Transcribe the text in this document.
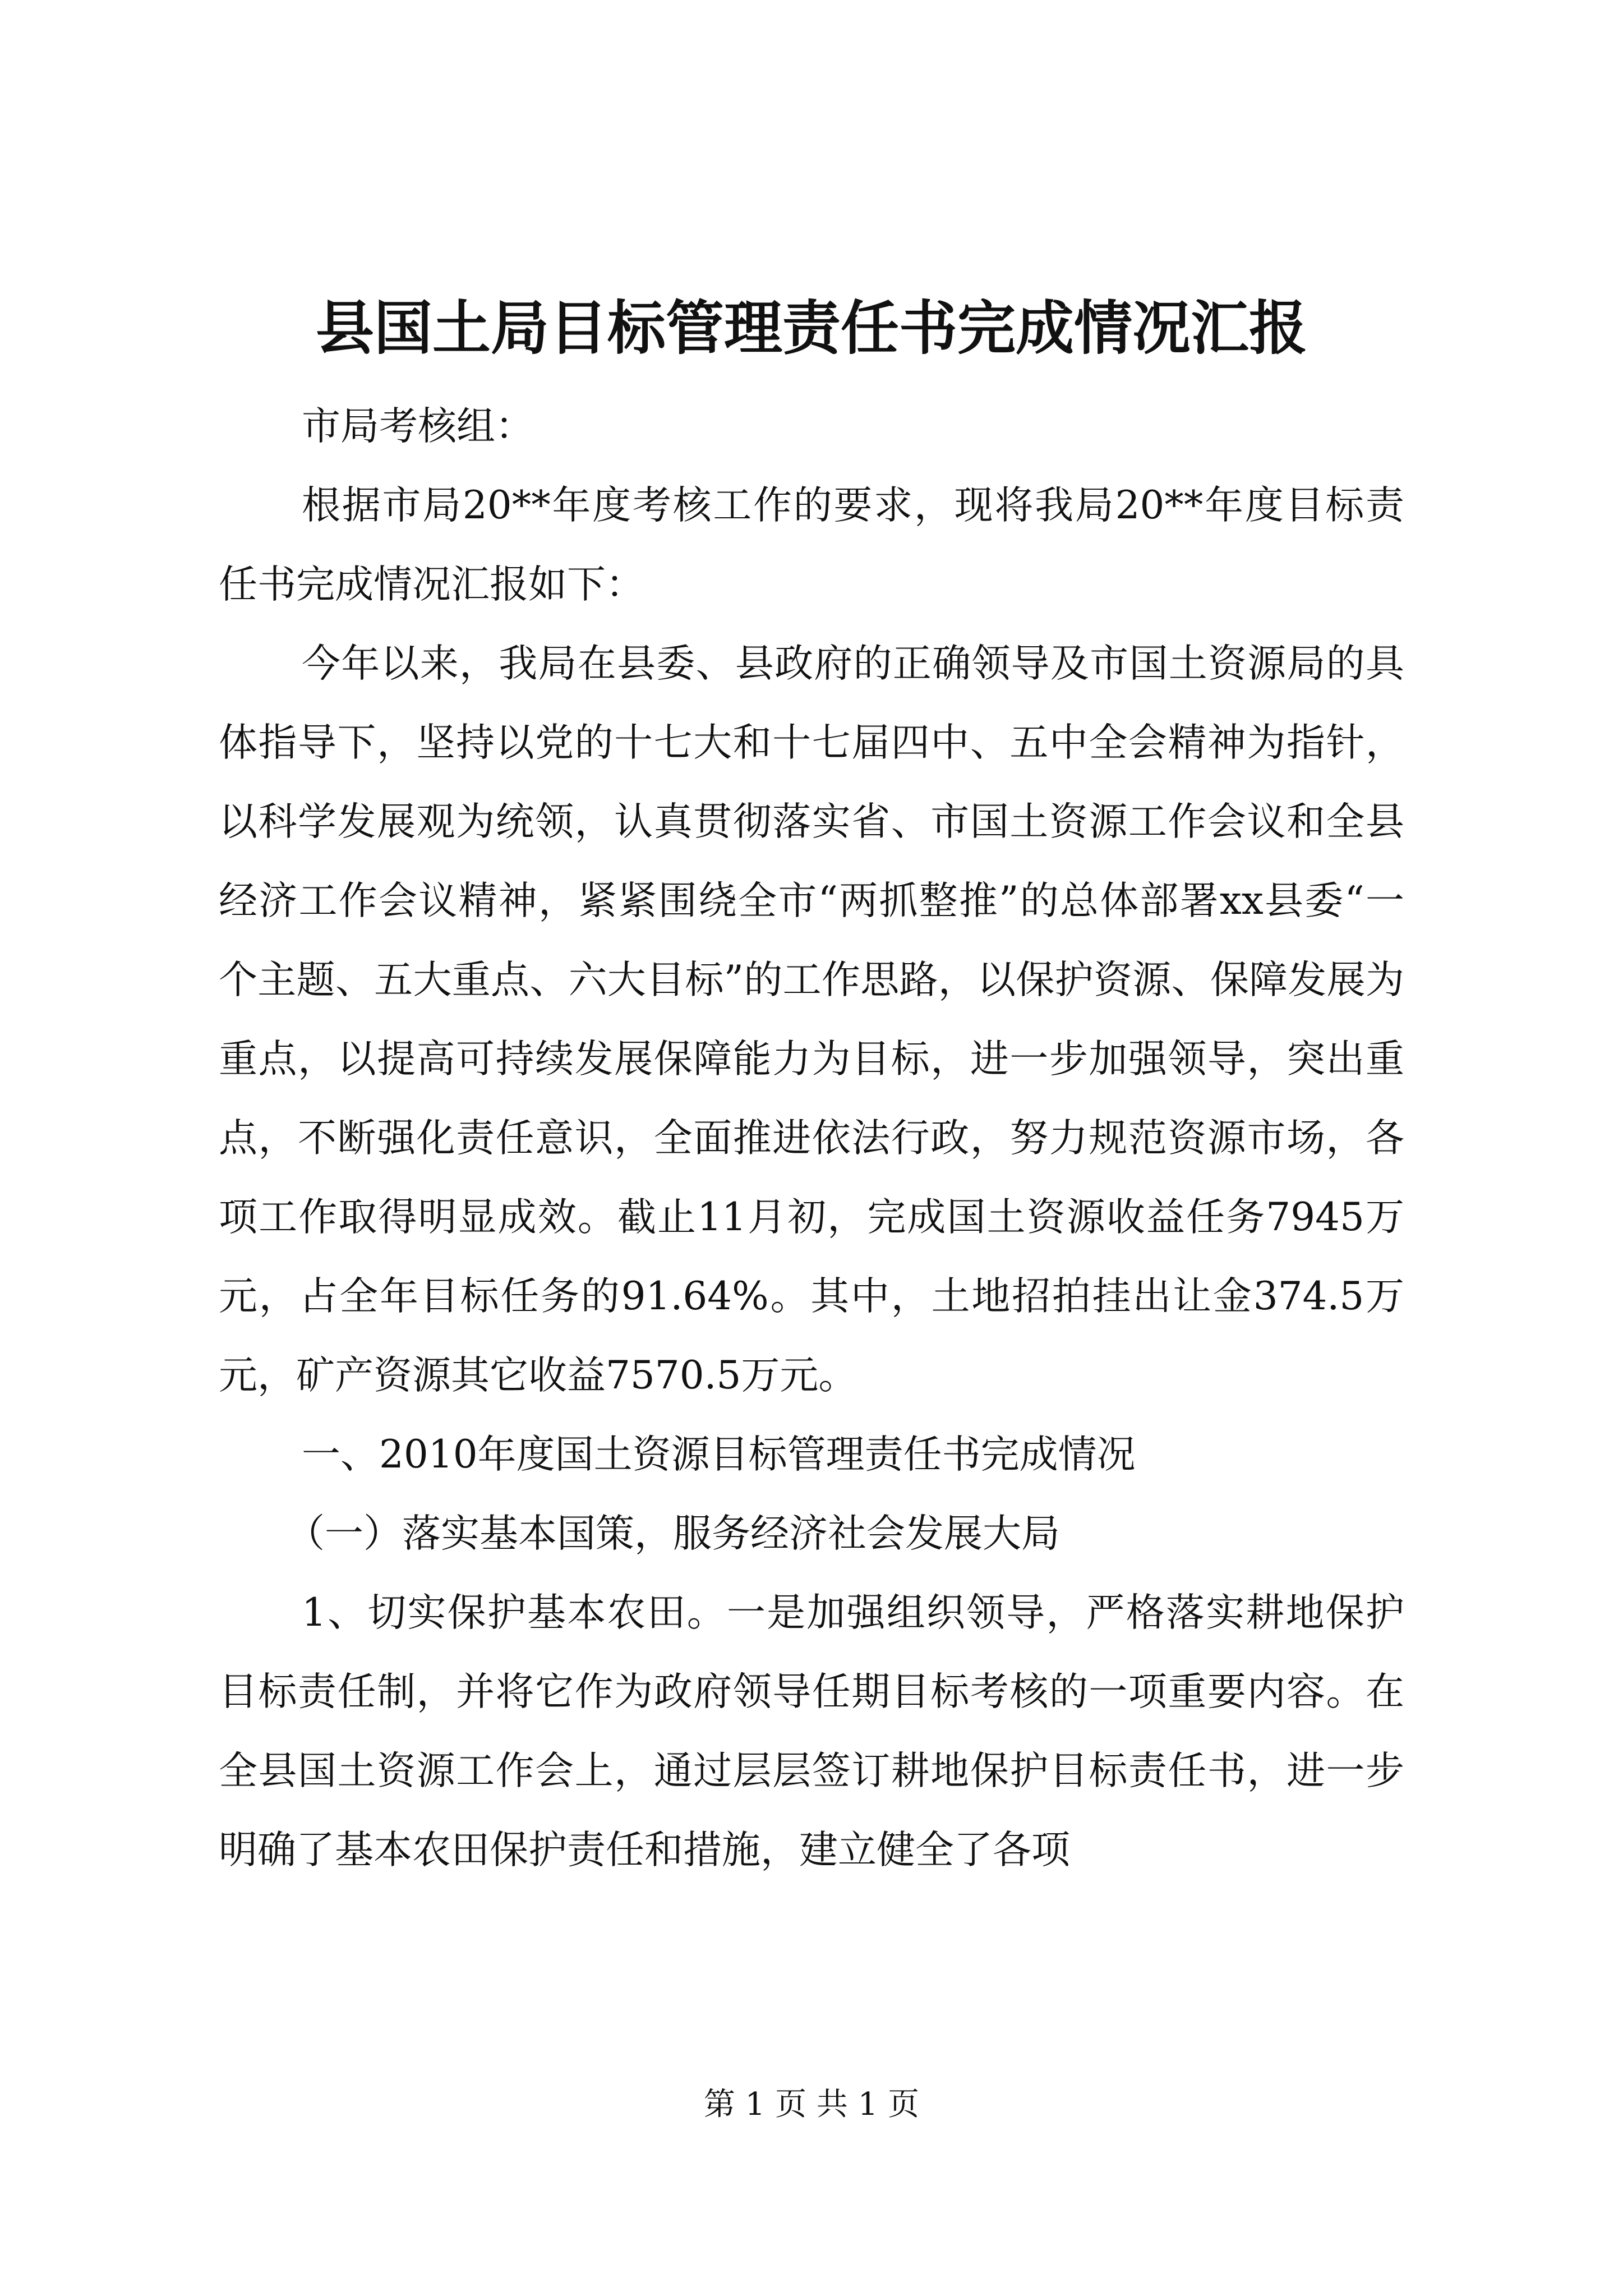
县国土局目标管理责任书完成情况汇报

市局考核组：

根据市局20**年度考核工作的要求，现将我局20**年度目标责任书完成情况汇报如下：

今年以来，我局在县委、县政府的正确领导及市国土资源局的具体指导下，坚持以党的十七大和十七届四中、五中全会精神为指针，以科学发展观为统领，认真贯彻落实省、市国土资源工作会议和全县经济工作会议精神，紧紧围绕全市“两抓整推”的总体部署xx县委“一个主题、五大重点、六大目标”的工作思路，以保护资源、保障发展为重点，以提高可持续发展保障能力为目标，进一步加强领导，突出重点，不断强化责任意识，全面推进依法行政，努力规范资源市场，各项工作取得明显成效。截止11月初，完成国土资源收益任务7945万元，占全年目标任务的91.64%。其中，土地招拍挂出让金374.5万元，矿产资源其它收益7570.5万元。

一、2010年度国土资源目标管理责任书完成情况

（一）落实基本国策，服务经济社会发展大局

1、切实保护基本农田。一是加强组织领导，严格落实耕地保护目标责任制，并将它作为政府领导任期目标考核的一项重要内容。在全县国土资源工作会上，通过层层签订耕地保护目标责任书，进一步明确了基本农田保护责任和措施，建立健全了各项

第 1 页 共 1 页
